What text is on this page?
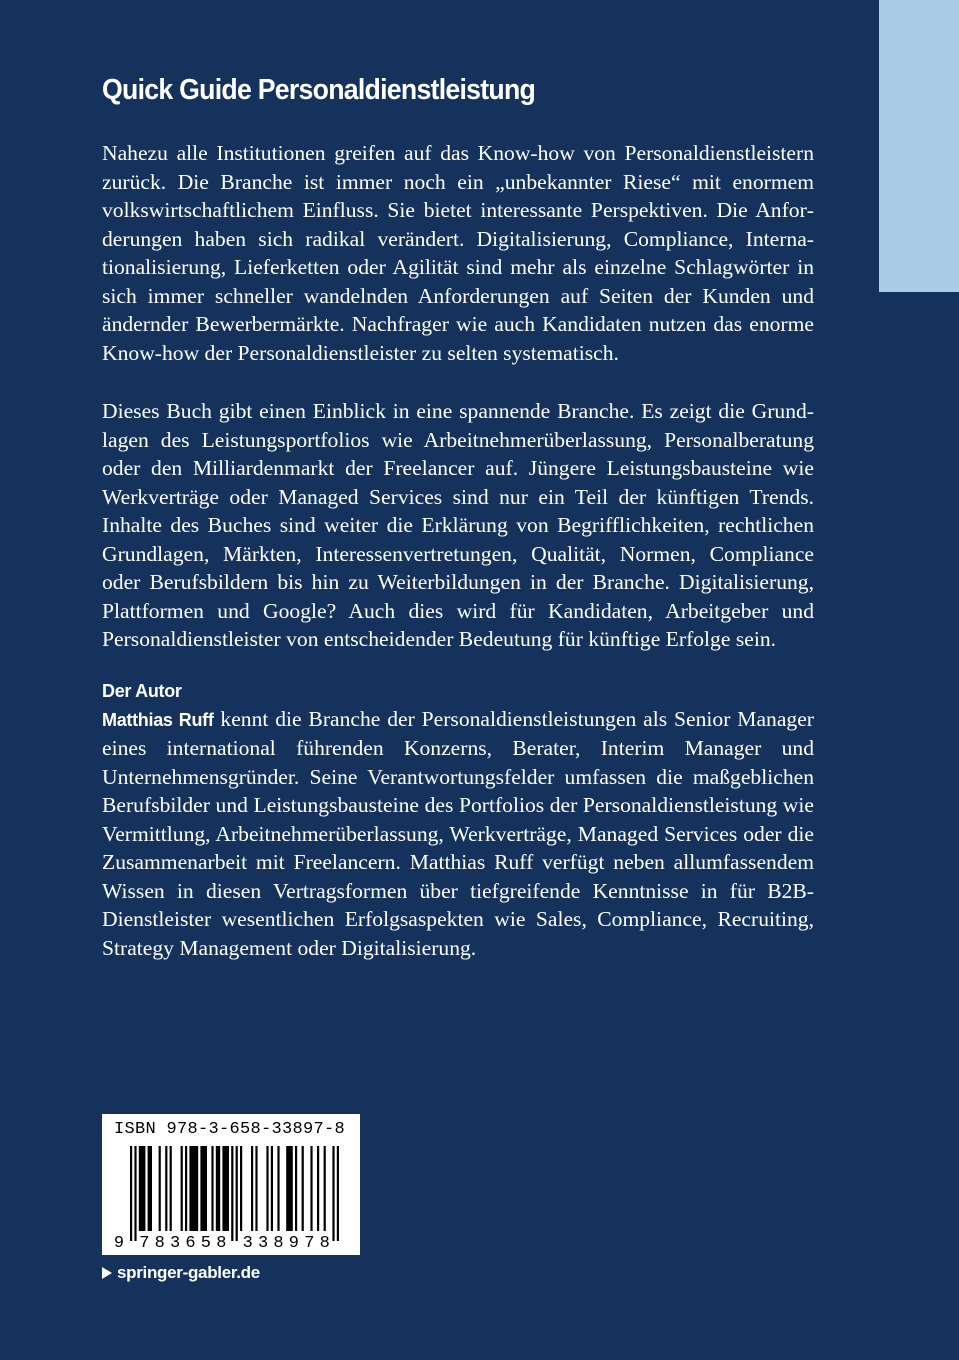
Quick Guide Personaldienstleistung

Nahezu alle Institutionen greifen auf das Know-how von Personaldienstleistern zurück. Die Branche ist immer noch ein „unbekannter Riese“ mit enormem volkswirtschaftlichem Einfluss. Sie bietet interessante Perspektiven. Die Anforderungen haben sich radikal verändert. Digitalisierung, Compliance, Internationalisierung, Lieferketten oder Agilität sind mehr als einzelne Schlagwörter in sich immer schneller wandelnden Anforderungen auf Seiten der Kunden und ändernder Bewerbermärkte. Nachfrager wie auch Kandidaten nutzen das enorme Know-how der Personaldienstleister zu selten systematisch.

Dieses Buch gibt einen Einblick in eine spannende Branche. Es zeigt die Grundlagen des Leistungsportfolios wie Arbeitnehmerüberlassung, Personalberatung oder den Milliardenmarkt der Freelancer auf. Jüngere Leistungsbausteine wie Werkverträge oder Managed Services sind nur ein Teil der künftigen Trends. Inhalte des Buches sind weiter die Erklärung von Begrifflichkeiten, rechtlichen Grundlagen, Märkten, Interessenvertretungen, Qualität, Normen, Compliance oder Berufsbildern bis hin zu Weiterbildungen in der Branche. Digitalisierung, Plattformen und Google? Auch dies wird für Kandidaten, Arbeitgeber und Personaldienstleister von entscheidender Bedeutung für künftige Erfolge sein.

Der Autor

Matthias Ruff kennt die Branche der Personaldienstleistungen als Senior Manager eines international führenden Konzerns, Berater, Interim Manager und Unternehmensgründer. Seine Verantwortungsfelder umfassen die maßgeblichen Berufsbilder und Leistungsbausteine des Portfolios der Personaldienstleistung wie Vermittlung, Arbeitnehmerüberlassung, Werkverträge, Managed Services oder die Zusammenarbeit mit Freelancern. Matthias Ruff verfügt neben allumfassendem Wissen in diesen Vertragsformen über tiefgreifende Kenntnisse in für B2B-Dienstleister wesentlichen Erfolgsaspekten wie Sales, Compliance, Recruiting, Strategy Management oder Digitalisierung.

ISBN 978-3-658-33897-8
9 7 8 3 6 5 8 3 3 8 9 7 8
springer-gabler.de
